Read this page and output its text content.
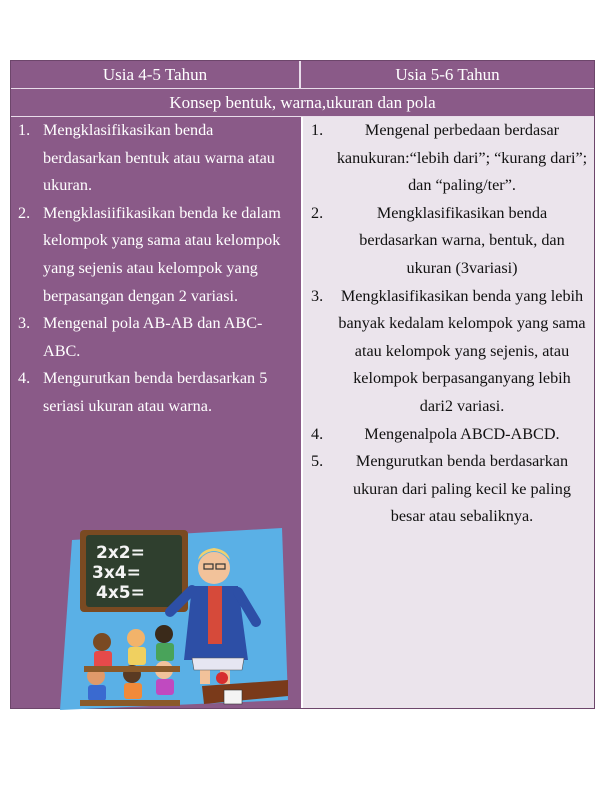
Usia 4-5 Tahun	Usia 5-6 Tahun
Konsep bentuk, warna,ukuran dan pola
Mengklasifikasikan benda berdasarkan bentuk atau warna atau ukuran.
Mengklasiifikasikan benda ke dalam kelompok yang sama atau kelompok yang sejenis atau kelompok yang berpasangan dengan 2 variasi.
Mengenal pola AB-AB dan ABC-ABC.
Mengurutkan benda berdasarkan 5 seriasi ukuran atau warna.
Mengenal perbedaan berdasar kanukuran:“lebih dari”; “kurang dari”; dan “paling/ter”.
Mengklasifikasikan benda berdasarkan warna, bentuk, dan ukuran (3variasi)
Mengklasifikasikan benda yang lebih banyak kedalam kelompok yang sama atau kelompok yang sejenis, atau kelompok berpasanganyang lebih dari2 variasi.
Mengenalpola ABCD-ABCD.
Mengurutkan benda berdasarkan ukuran dari paling kecil ke paling besar atau sebaliknya.
2x2=
3x4=
4x5=
